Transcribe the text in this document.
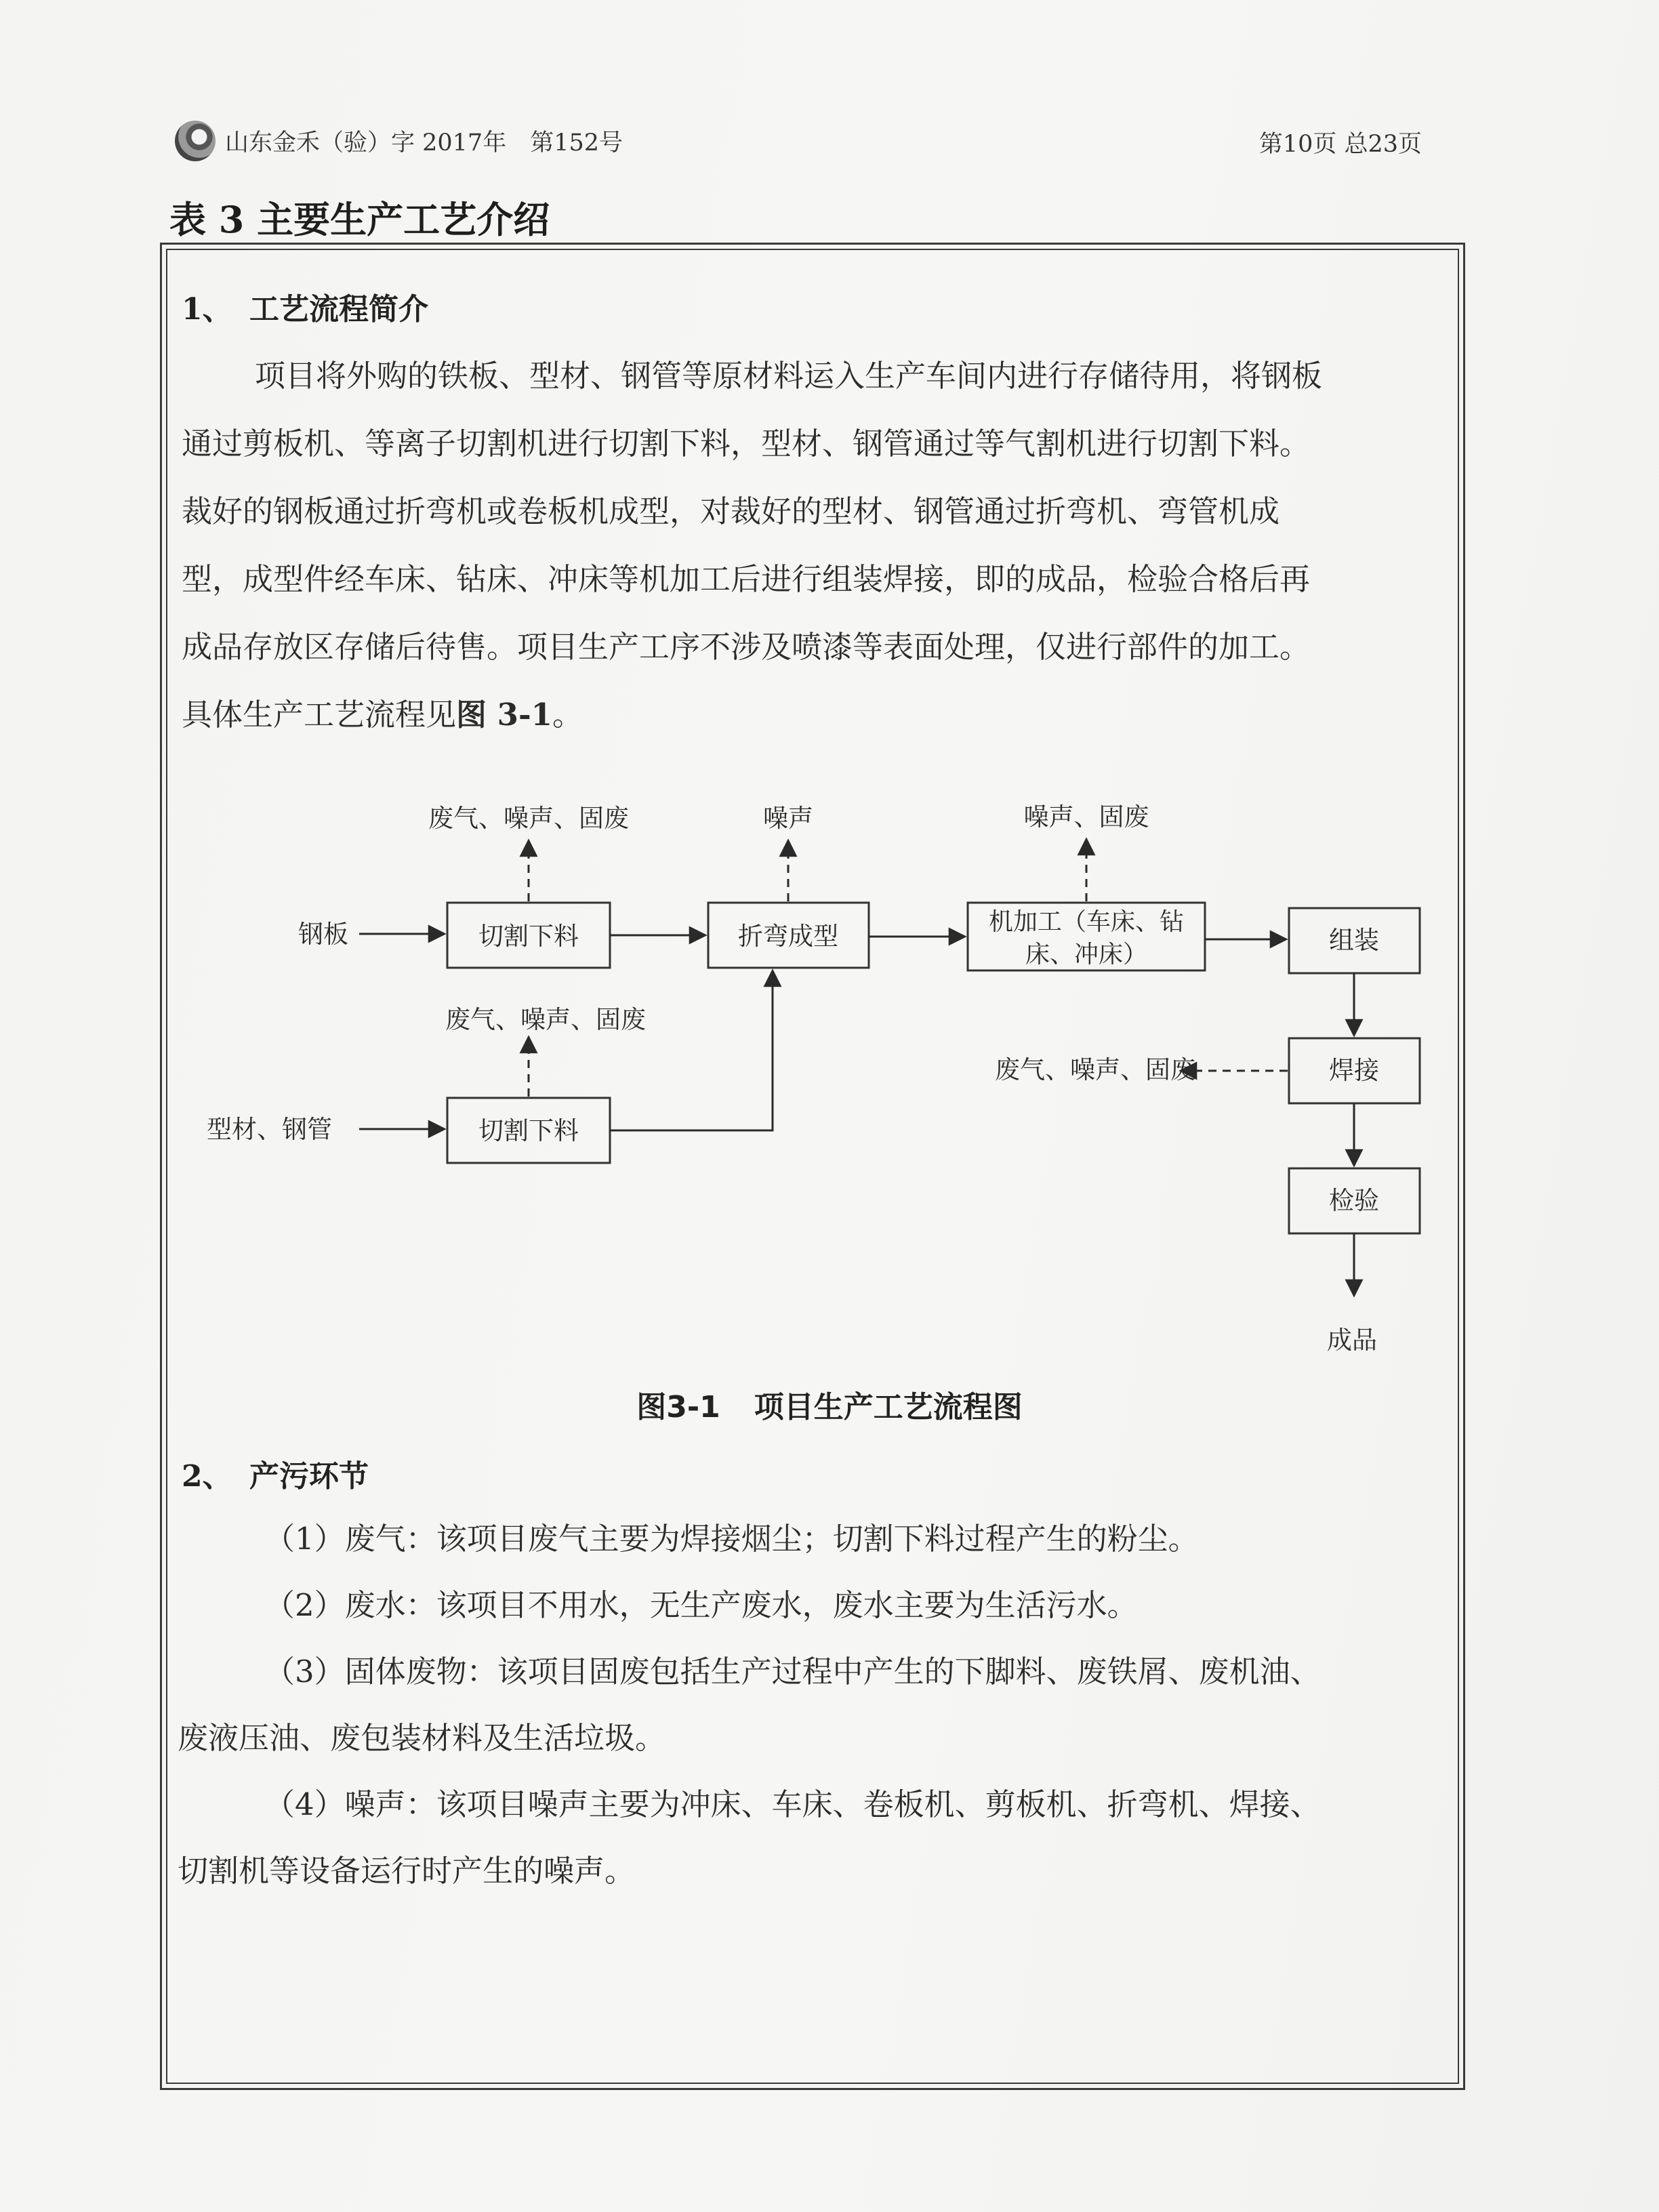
山东金禾（验）字 2017年　第152号	第10页 总23页
表 3 主要生产工艺介绍
1、 工艺流程简介

项目将外购的铁板、型材、钢管等原材料运入生产车间内进行存储待用，将钢板

通过剪板机、等离子切割机进行切割下料，型材、钢管通过等气割机进行切割下料。

裁好的钢板通过折弯机或卷板机成型，对裁好的型材、钢管通过折弯机、弯管机成

型，成型件经车床、钻床、冲床等机加工后进行组装焊接，即的成品，检验合格后再

成品存放区存储后待售。项目生产工序不涉及喷漆等表面处理，仅进行部件的加工。

具体生产工艺流程见图 3-1。

切割下料	折弯成型	机加工（车床、钻
床、冲床）	组装
切割下料
焊接
检验
钢板
型材、钢管
废气、噪声、固废	噪声	噪声、固废
废气、噪声、固废
废气、噪声、固废
成品
图3-1 项目生产工艺流程图
2、 产污环节

（1）废气：该项目废气主要为焊接烟尘；切割下料过程产生的粉尘。

（2）废水：该项目不用水，无生产废水，废水主要为生活污水。

（3）固体废物：该项目固废包括生产过程中产生的下脚料、废铁屑、废机油、

废液压油、废包装材料及生活垃圾。

（4）噪声：该项目噪声主要为冲床、车床、卷板机、剪板机、折弯机、焊接、

切割机等设备运行时产生的噪声。
